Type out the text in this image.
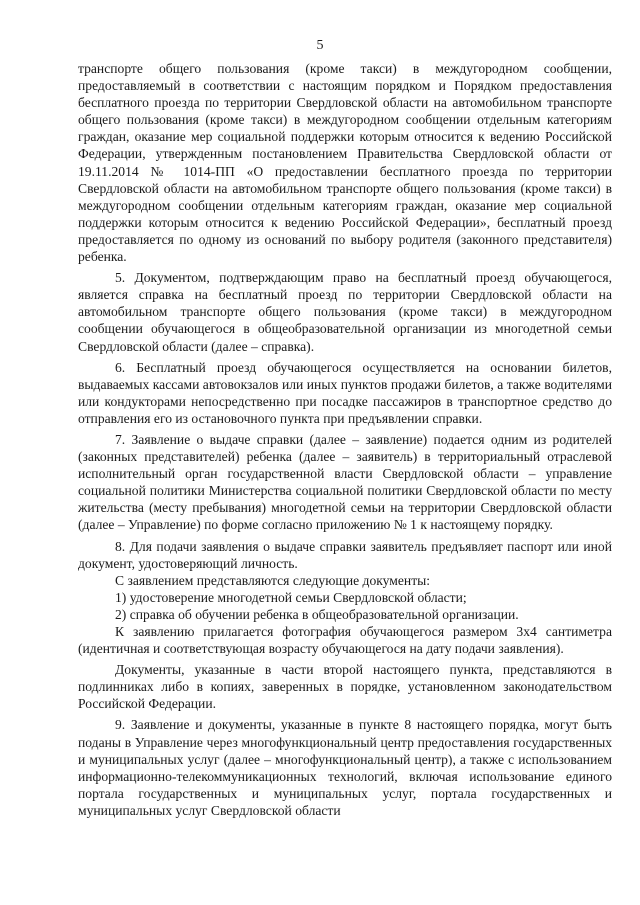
5

транспорте общего пользования (кроме такси) в междугородном сообщении, предоставляемый в соответствии с настоящим порядком и Порядком предоставления бесплатного проезда по территории Свердловской области на автомобильном транспорте общего пользования (кроме такси) в междугородном сообщении отдельным категориям граждан, оказание мер социальной поддержки которым относится к ведению Российской Федерации, утвержденным постановлением Правительства Свердловской области от 19.11.2014 № 1014-ПП «О предоставлении бесплатного проезда по территории Свердловской области на автомобильном транспорте общего пользования (кроме такси) в междугородном сообщении отдельным категориям граждан, оказание мер социальной поддержки которым относится к ведению Российской Федерации», бесплатный проезд предоставляется по одному из оснований по выбору родителя (законного представителя) ребенка.

5. Документом, подтверждающим право на бесплатный проезд обучающегося, является справка на бесплатный проезд по территории Свердловской области на автомобильном транспорте общего пользования (кроме такси) в междугородном сообщении обучающегося в общеобразовательной организации из многодетной семьи Свердловской области (далее – справка).

6. Бесплатный проезд обучающегося осуществляется на основании билетов, выдаваемых кассами автовокзалов или иных пунктов продажи билетов, а также водителями или кондукторами непосредственно при посадке пассажиров в транспортное средство до отправления его из остановочного пункта при предъявлении справки.

7. Заявление о выдаче справки (далее – заявление) подается одним из родителей (законных представителей) ребенка (далее – заявитель) в территориальный отраслевой исполнительный орган государственной власти Свердловской области – управление социальной политики Министерства социальной политики Свердловской области по месту жительства (месту пребывания) многодетной семьи на территории Свердловской области (далее – Управление) по форме согласно приложению № 1 к настоящему порядку.

8. Для подачи заявления о выдаче справки заявитель предъявляет паспорт или иной документ, удостоверяющий личность.

С заявлением представляются следующие документы:

1) удостоверение многодетной семьи Свердловской области;

2) справка об обучении ребенка в общеобразовательной организации.

К заявлению прилагается фотография обучающегося размером 3х4 сантиметра (идентичная и соответствующая возрасту обучающегося на дату подачи заявления).

Документы, указанные в части второй настоящего пункта, представляются в подлинниках либо в копиях, заверенных в порядке, установленном законодательством Российской Федерации.

9. Заявление и документы, указанные в пункте 8 настоящего порядка, могут быть поданы в Управление через многофункциональный центр предоставления государственных и муниципальных услуг (далее – многофункциональный центр), а также с использованием информационно-телекоммуникационных технологий, включая использование единого портала государственных и муниципальных услуг, портала государственных и муниципальных услуг Свердловской области
